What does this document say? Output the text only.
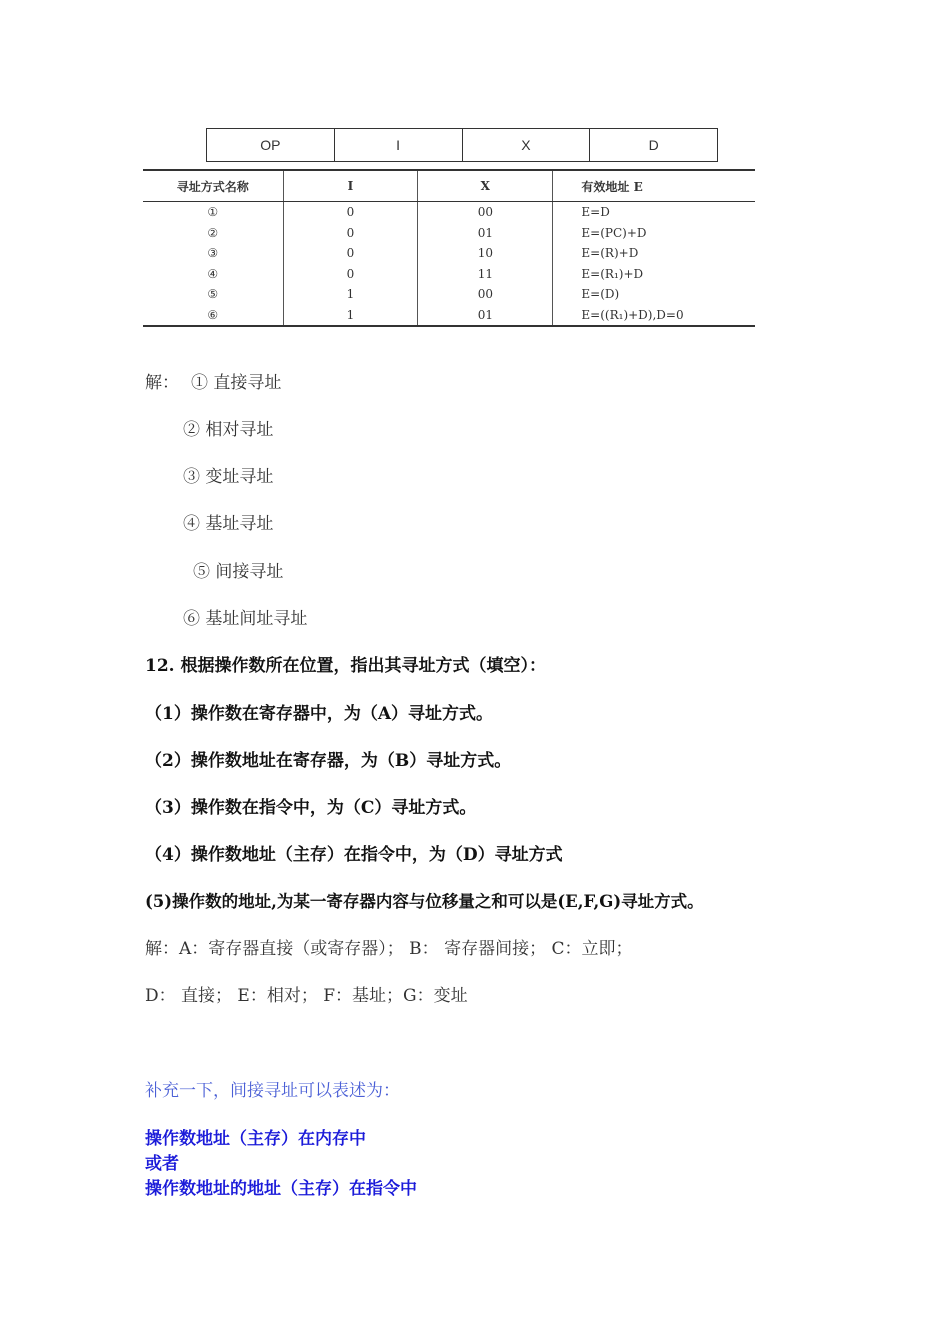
OP	I	X	D
寻址方式名称	I	X	有效地址 E
①	0	00	E=D
②	0	01	E=(PC)+D
③	0	10	E=(R)+D
④	0	11	E=(R₁)+D
⑤	1	00	E=(D)
⑥	1	01	E=((R₁)+D),D=0
解： ① 直接寻址
② 相对寻址
③ 变址寻址
④ 基址寻址
⑤ 间接寻址
⑥ 基址间址寻址
12. 根据操作数所在位置，指出其寻址方式（填空）：
（1）操作数在寄存器中，为（A）寻址方式。
（2）操作数地址在寄存器，为（B）寻址方式。
（3）操作数在指令中，为（C）寻址方式。
（4）操作数地址（主存）在指令中，为（D）寻址方式
(5)操作数的地址,为某一寄存器内容与位移量之和可以是(E,F,G)寻址方式。
解：A：寄存器直接（或寄存器）； B： 寄存器间接； C：立即；
D： 直接； E：相对； F：基址；G：变址
补充一下，间接寻址可以表述为：
操作数地址（主存）在内存中
或者
操作数地址的地址（主存）在指令中
